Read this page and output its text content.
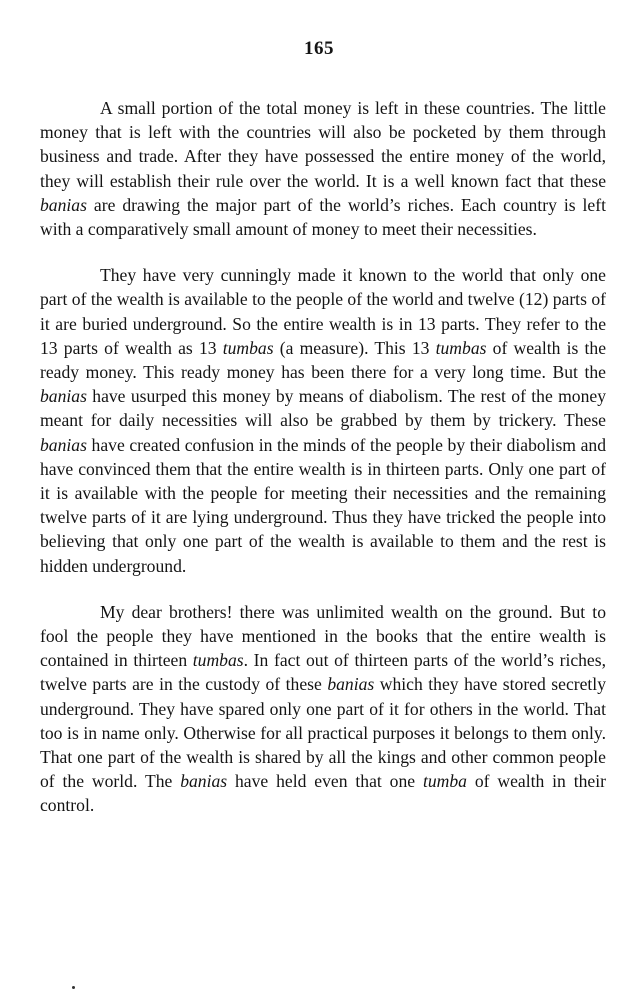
165

A small portion of the total money is left in these countries. The little money that is left with the countries will also be pocketed by them through business and trade. After they have possessed the entire money of the world, they will establish their rule over the world. It is a well known fact that these banias are drawing the major part of the world’s riches. Each country is left with a comparatively small amount of money to meet their necessities.

They have very cunningly made it known to the world that only one part of the wealth is available to the people of the world and twelve (12) parts of it are buried underground. So the entire wealth is in 13 parts. They refer to the 13 parts of wealth as 13 tumbas (a measure). This 13 tumbas of wealth is the ready money. This ready money has been there for a very long time. But the banias have usurped this money by means of diabolism. The rest of the money meant for daily necessities will also be grabbed by them by trickery. These banias have created confusion in the minds of the people by their diabolism and have convinced them that the entire wealth is in thirteen parts. Only one part of it is available with the people for meeting their necessities and the remaining twelve parts of it are lying underground. Thus they have tricked the people into believing that only one part of the wealth is available to them and the rest is hidden underground.

My dear brothers! there was unlimited wealth on the ground. But to fool the people they have mentioned in the books that the entire wealth is contained in thirteen tumbas. In fact out of thirteen parts of the world’s riches, twelve parts are in the custody of these banias which they have stored secretly underground. They have spared only one part of it for others in the world. That too is in name only. Otherwise for all practical purposes it belongs to them only. That one part of the wealth is shared by all the kings and other common people of the world. The banias have held even that one tumba of wealth in their control.
